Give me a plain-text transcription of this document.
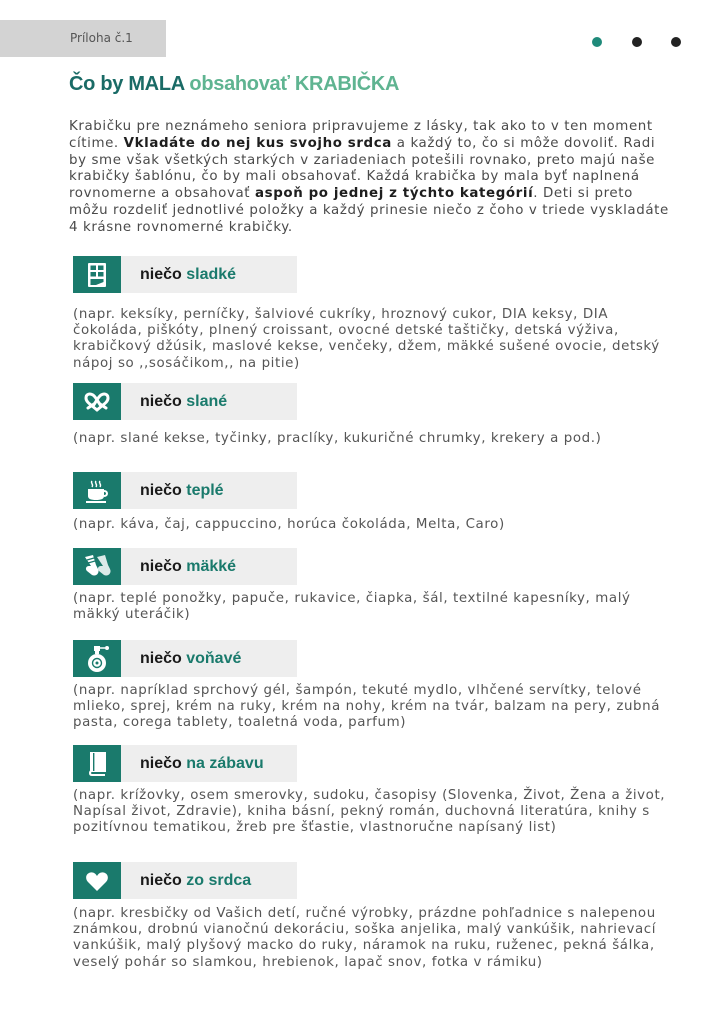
Príloha č.1
Čo by MALA obsahovať KRABIČKA

Krabičku pre neznámeho seniora pripravujeme z lásky, tak ako to v ten moment cítime. Vkladáte do nej kus svojho srdca a každý to, čo si môže dovoliť. Radi by sme však všetkých starkých v zariadeniach potešili rovnako, preto majú naše krabičky šablónu, čo by mali obsahovať. Každá krabička by mala byť naplnená rovnomerne a obsahovať aspoň po jednej z týchto kategórií. Deti si preto môžu rozdeliť jednotlivé položky a každý prinesie niečo z čoho v triede vyskladáte 4 krásne rovnomerné krabičky.

niečo sladké

(napr. keksíky, perníčky, šalviové cukríky, hroznový cukor, DIA keksy, DIA čokoláda, piškóty, plnený croissant, ovocné detské taštičky, detská výživa, krabičkový džúsik, maslové kekse, venčeky, džem, mäkké sušené ovocie, detský nápoj so ,,sosáčikom,, na pitie)

niečo slané

(napr. slané kekse, tyčinky, praclíky, kukuričné chrumky, krekery a pod.)

niečo teplé

(napr. káva, čaj, cappuccino, horúca čokoláda, Melta, Caro)

niečo mäkké

(napr. teplé ponožky, papuče, rukavice, čiapka, šál, textilné kapesníky, malý mäkký uteráčik)

niečo voňavé

(napr. napríklad sprchový gél, šampón, tekuté mydlo, vlhčené servítky, telové mlieko, sprej, krém na ruky, krém na nohy, krém na tvár, balzam na pery, zubná pasta, corega tablety, toaletná voda, parfum)

niečo na zábavu

(napr. krížovky, osem smerovky, sudoku, časopisy (Slovenka, Život, Žena a život, Napísal život, Zdravie), kniha básní, pekný román, duchovná literatúra, knihy s pozitívnou tematikou, žreb pre šťastie, vlastnoručne napísaný list)

niečo zo srdca

(napr. kresbičky od Vašich detí, ručné výrobky, prázdne pohľadnice s nalepenou známkou, drobnú vianočnú dekoráciu, soška anjelika, malý vankúšik, nahrievací vankúšik, malý plyšový macko do ruky, náramok na ruku, ruženec, pekná šálka, veselý pohár so slamkou, hrebienok, lapač snov, fotka v rámiku)
